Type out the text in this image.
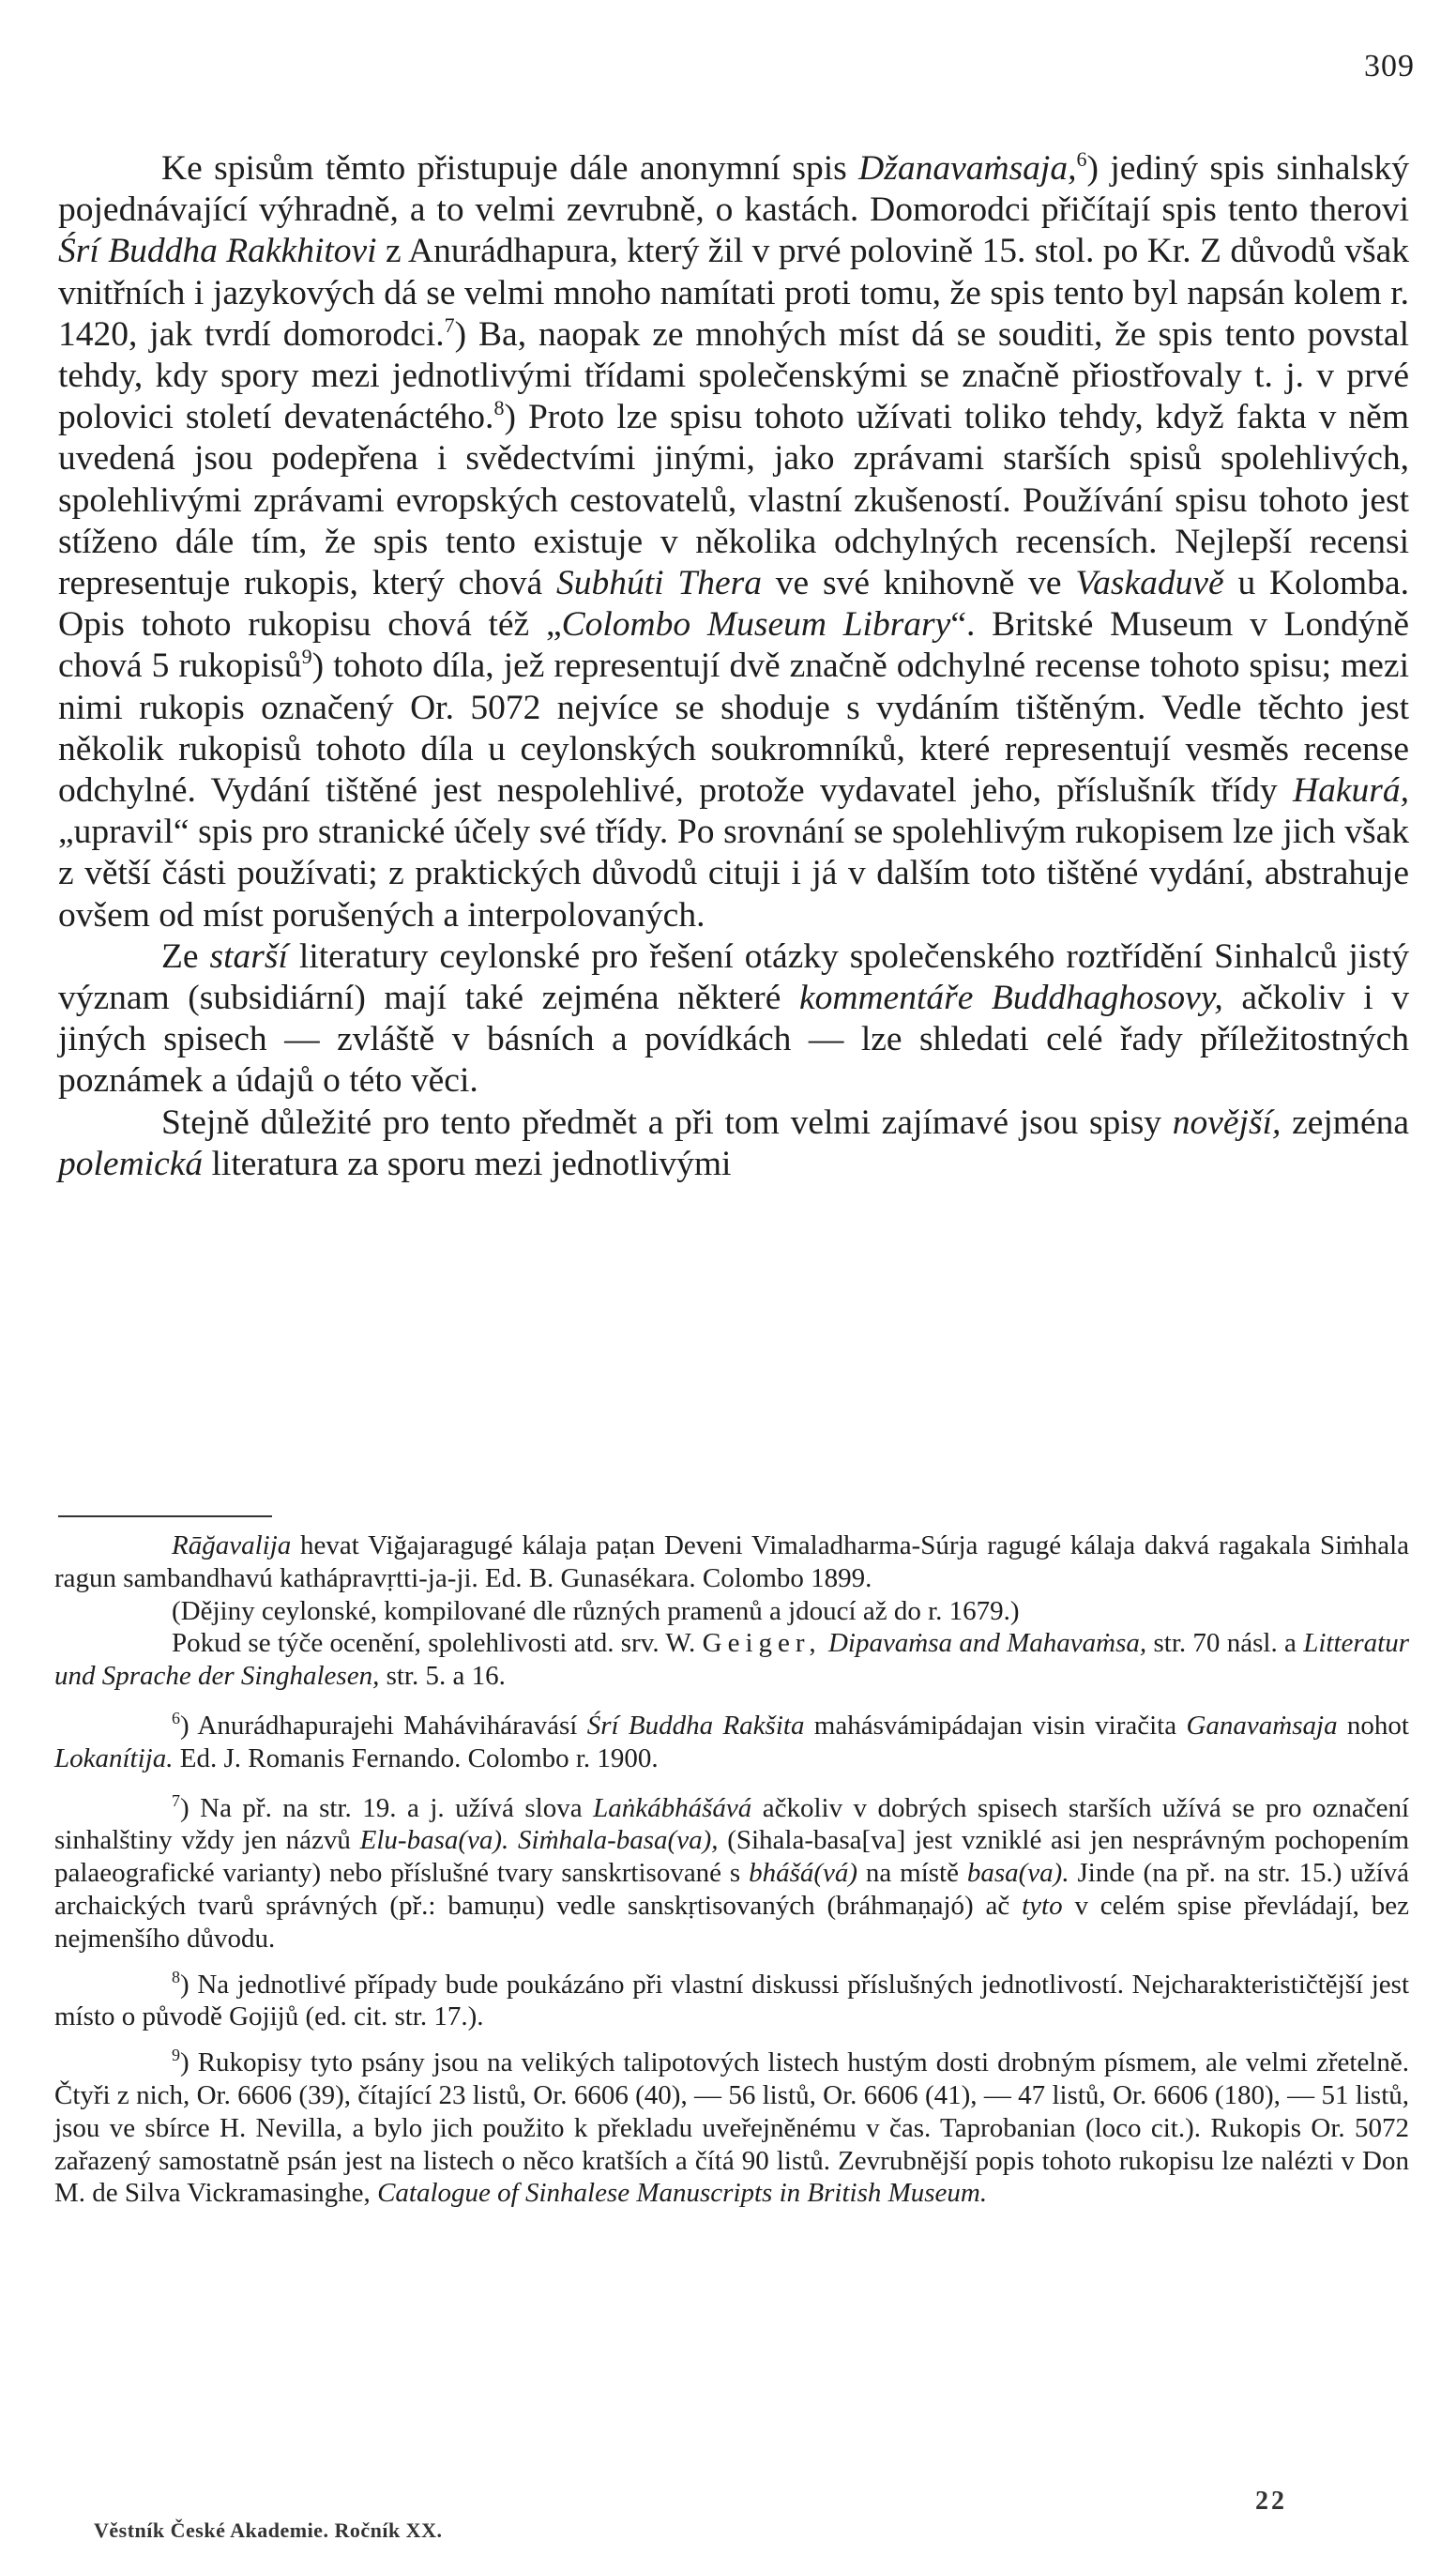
309

Ke spisům těmto přistupuje dále anonymní spis Džanavaṁsaja,$^6$) jediný spis sinhalský pojednávající výhradně, a to velmi zevrubně, o kastách. Domorodci přičítají spis tento therovi Śrí Buddha Rakkhitovi z Anurádhapura, který žil v prvé polovině 15. stol. po Kr. Z důvodů však vnitřních i jazykových dá se velmi mnoho namítati proti tomu, že spis tento byl napsán kolem r. 1420, jak tvrdí domorodci.$^7$) Ba, naopak ze mnohých míst dá se souditi, že spis tento povstal tehdy, kdy spory mezi jednotlivými třídami společenskými se značně přiostřovaly t. j. v prvé polovici století devatenáctého.$^8$) Proto lze spisu tohoto užívati toliko tehdy, když fakta v něm uvedená jsou podepřena i svědectvími jinými, jako zprávami starších spisů spolehlivých, spolehlivými zprávami evropských cestovatelů, vlastní zkušeností. Používání spisu tohoto jest stíženo dále tím, že spis tento existuje v několika odchylných recensích. Nejlepší recensi representuje rukopis, který chová Subhúti Thera ve své knihovně ve Vaskaduvě u Kolomba. Opis tohoto rukopisu chová též „Colombo Museum Library“. Britské Museum v Londýně chová 5 rukopisů$^9$) tohoto díla, jež representují dvě značně odchylné recense tohoto spisu; mezi nimi rukopis označený Or. 5072 nejvíce se shoduje s vydáním tištěným. Vedle těchto jest několik rukopisů tohoto díla u ceylonských soukromníků, které representují vesměs recense odchylné. Vydání tištěné jest nespolehlivé, protože vydavatel jeho, příslušník třídy Hakurá, „upravil“ spis pro stranické účely své třídy. Po srovnání se spolehlivým rukopisem lze jich však z větší části používati; z praktických důvodů cituji i já v dalším toto tištěné vydání, abstrahuje ovšem od míst porušených a interpolovaných.

Ze starší literatury ceylonské pro řešení otázky společenského roztřídění Sinhalců jistý význam (subsidiární) mají také zejména některé kommentáře Buddhaghosovy, ačkoliv i v jiných spisech — zvláště v básních a povídkách — lze shledati celé řady příležitostných poznámek a údajů o této věci.

Stejně důležité pro tento předmět a při tom velmi zajímavé jsou spisy novější, zejména polemická literatura za sporu mezi jednotlivými

Rāğavalija hevat Viğajaragugé kálaja paṭan Deveni Vimaladharma-Súrja ragugé kálaja dakvá ragakala Siṁhala ragun sambandhavú kathápravṛtti-ja-ji. Ed. B. Gunasékara. Colombo 1899.

(Dějiny ceylonské, kompilované dle různých pramenů a jdoucí až do r. 1679.)

Pokud se týče ocenění, spolehlivosti atd. srv. W. Geiger, Dipavaṁsa and Mahavaṁsa, str. 70 násl. a Litteratur und Sprache der Singhalesen, str. 5. a 16.

$^6$) Anurádhapurajehi Maháviháravásí Śrí Buddha Rakšita mahásvámipádajan visin viračita Ganavaṁsaja nohot Lokanítija. Ed. J. Romanis Fernando. Colombo r. 1900.

$^7$) Na př. na str. 19. a j. užívá slova Laṅkábhášává ačkoliv v dobrých spisech starších užívá se pro označení sinhalštiny vždy jen názvů Elu-basa(va). Siṁhala-basa(va), (Sihala-basa[va] jest vzniklé asi jen nesprávným pochopením palaeografické varianty) nebo příslušné tvary sanskrtisované s bhášá(vá) na místě basa(va). Jinde (na př. na str. 15.) užívá archaických tvarů správných (př.: bamuṇu) vedle sanskṛtisovaných (bráhmaṇajó) ač tyto v celém spise převládají, bez nejmenšího důvodu.

$^8$) Na jednotlivé případy bude poukázáno při vlastní diskussi příslušných jednotlivostí. Nejcharakterističtější jest místo o původě Gojijů (ed. cit. str. 17.).

$^9$) Rukopisy tyto psány jsou na velikých talipotových listech hustým dosti drobným písmem, ale velmi zřetelně. Čtyři z nich, Or. 6606 (39), čítající 23 listů, Or. 6606 (40), — 56 listů, Or. 6606 (41), — 47 listů, Or. 6606 (180), — 51 listů, jsou ve sbírce H. Nevilla, a bylo jich použito k překladu uveřejněnému v čas. Taprobanian (loco cit.). Rukopis Or. 5072 zařazený samostatně psán jest na listech o něco kratších a čítá 90 listů. Zevrubnější popis tohoto rukopisu lze nalézti v Don M. de Silva Vickramasinghe, Catalogue of Sinhalese Manuscripts in British Museum.

22
Věstník České Akademie. Ročník XX.
